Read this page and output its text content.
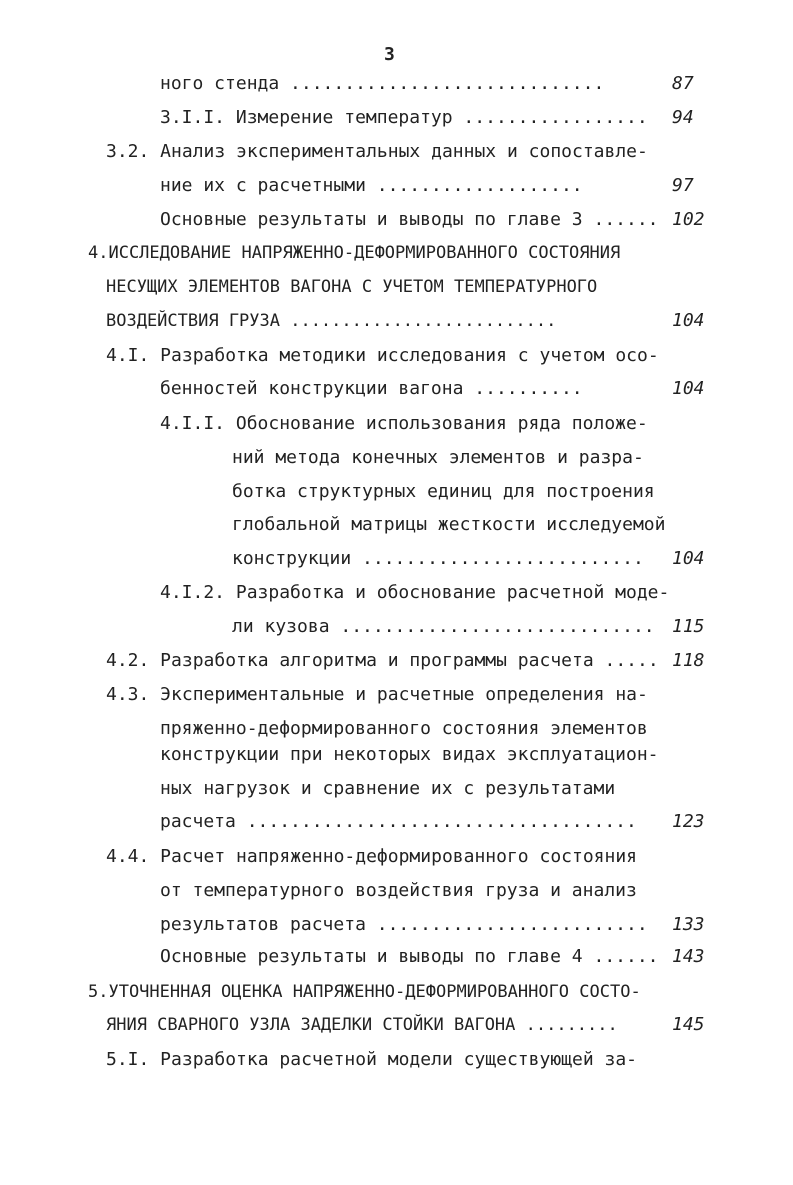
3
ного стенда .............................	87
3.I.I. Измерение температур ................. 94
3.2. Анализ экспериментальных данных и сопоставле-
ние их с расчетными ...................	97
Основные результаты и выводы по главе 3 ...... 102
4.ИССЛЕДОВАНИЕ НАПРЯЖЕННО-ДЕФОРМИРОВАННОГО СОСТОЯНИЯ
НЕСУЩИХ ЭЛЕМЕНТОВ ВАГОНА С УЧЕТОМ ТЕМПЕРАТУРНОГО
ВОЗДЕЙСТВИЯ ГРУЗА ..........................	104
4.I. Разработка методики исследования с учетом осо-
бенностей конструкции вагона ..........	104
4.I.I. Обоснование использования ряда положе-
ний метода конечных элементов и разра-
ботка структурных единиц для построения
глобальной матрицы жесткости исследуемой
конструкции .......................... 104
4.I.2. Разработка и обоснование расчетной моде-
ли кузова ............................. 115
4.2. Разработка алгоритма и программы расчета ..... 118
4.3. Экспериментальные и расчетные определения на-
пряженно-деформированного состояния элементов
конструкции при некоторых видах эксплуатацион-
ных нагрузок и сравнение их с результатами
расчета .................................... 123
4.4. Расчет напряженно-деформированного состояния
от температурного воздействия груза и анализ
результатов расчета ......................... 133
Основные результаты и выводы по главе 4 ...... 143
5.УТОЧНЕННАЯ ОЦЕНКА НАПРЯЖЕННО-ДЕФОРМИРОВАННОГО СОСТО-
ЯНИЯ СВАРНОГО УЗЛА ЗАДЕЛКИ СТОЙКИ ВАГОНА .........	145
5.I. Разработка расчетной модели существующей за-
